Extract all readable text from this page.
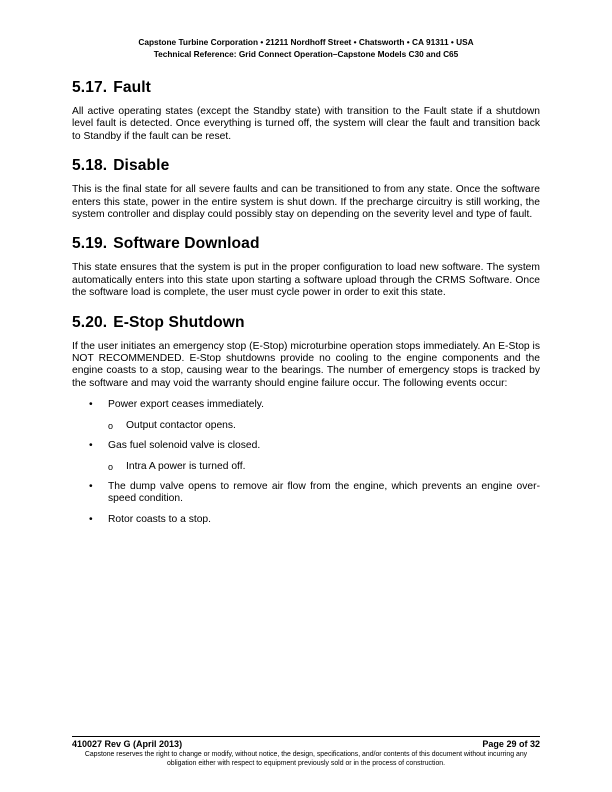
Capstone Turbine Corporation • 21211 Nordhoff Street • Chatsworth • CA 91311 • USA
Technical Reference: Grid Connect Operation–Capstone Models C30 and C65
5.17. Fault

All active operating states (except the Standby state) with transition to the Fault state if a shutdown level fault is detected. Once everything is turned off, the system will clear the fault and transition back to Standby if the fault can be reset.

5.18. Disable

This is the final state for all severe faults and can be transitioned to from any state. Once the software enters this state, power in the entire system is shut down. If the precharge circuitry is still working, the system controller and display could possibly stay on depending on the severity level and type of fault.

5.19. Software Download

This state ensures that the system is put in the proper configuration to load new software. The system automatically enters into this state upon starting a software upload through the CRMS Software. Once the software load is complete, the user must cycle power in order to exit this state.

5.20. E-Stop Shutdown

If the user initiates an emergency stop (E-Stop) microturbine operation stops immediately. An E-Stop is NOT RECOMMENDED. E-Stop shutdowns provide no cooling to the engine components and the engine coasts to a stop, causing wear to the bearings. The number of emergency stops is tracked by the software and may void the warranty should engine failure occur. The following events occur:

• Power export ceases immediately.
o Output contactor opens.
• Gas fuel solenoid valve is closed.
o Intra A power is turned off.
• The dump valve opens to remove air flow from the engine, which prevents an engine over-speed condition.
• Rotor coasts to a stop.
410027 Rev G (April 2013)	Page 29 of 32
Capstone reserves the right to change or modify, without notice, the design, specifications, and/or contents of this document without incurring any obligation either with respect to equipment previously sold or in the process of construction.
